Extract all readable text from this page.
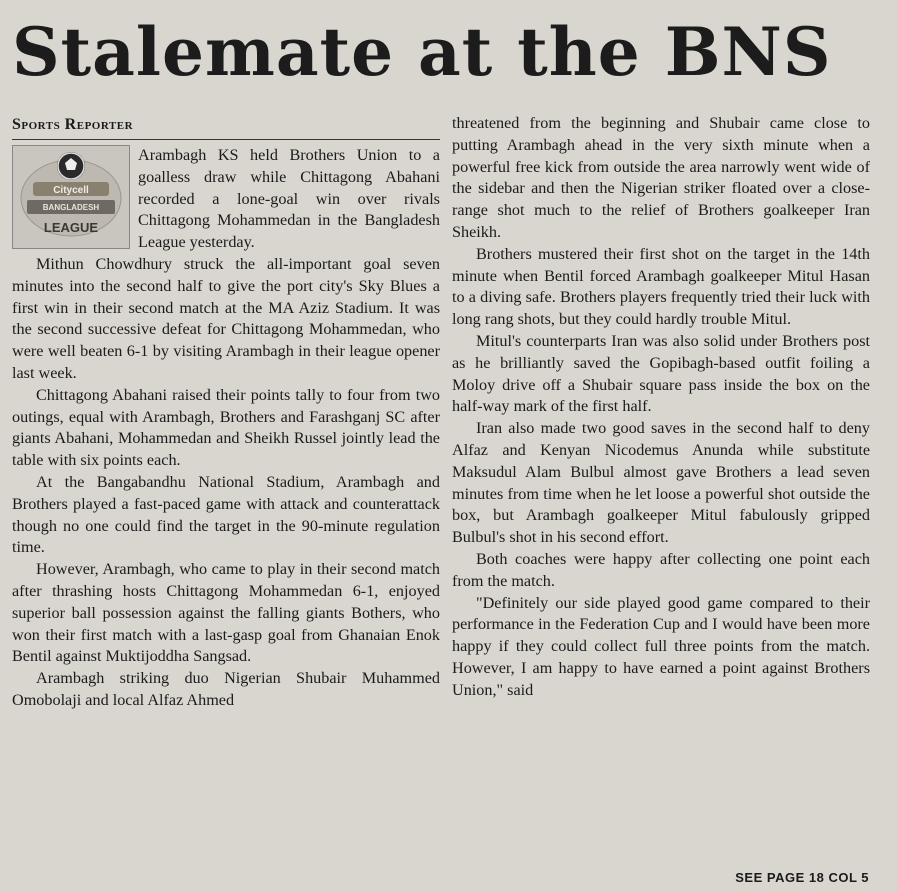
Stalemate at the BNS
Sports Reporter

Citycell
BANGLADESH
LEAGUE
Arambagh KS held Brothers Union to a goalless draw while Chittagong Abahani recorded a lone-goal win over rivals Chittagong Mohammedan in the Bangladesh League yesterday.

Mithun Chowdhury struck the all-important goal seven minutes into the second half to give the port city's Sky Blues a first win in their second match at the MA Aziz Stadium. It was the second successive defeat for Chittagong Mohammedan, who were well beaten 6-1 by visiting Arambagh in their league opener last week.

Chittagong Abahani raised their points tally to four from two outings, equal with Arambagh, Brothers and Farashganj SC after giants Abahani, Mohammedan and Sheikh Russel jointly lead the table with six points each.

At the Bangabandhu National Stadium, Arambagh and Brothers played a fast-paced game with attack and counterattack though no one could find the target in the 90-minute regulation time.

However, Arambagh, who came to play in their second match after thrashing hosts Chittagong Mohammedan 6-1, enjoyed superior ball possession against the falling giants Bothers, who won their first match with a last-gasp goal from Ghanaian Enok Bentil against Muktijoddha Sangsad.

Arambagh striking duo Nigerian Shubair Muhammed Omobolaji and local Alfaz Ahmed

threatened from the beginning and Shubair came close to putting Arambagh ahead in the very sixth minute when a powerful free kick from outside the area narrowly went wide of the sidebar and then the Nigerian striker floated over a close-range shot much to the relief of Brothers goalkeeper Iran Sheikh.

Brothers mustered their first shot on the target in the 14th minute when Bentil forced Arambagh goalkeeper Mitul Hasan to a diving safe. Brothers players frequently tried their luck with long rang shots, but they could hardly trouble Mitul.

Mitul's counterparts Iran was also solid under Brothers post as he brilliantly saved the Gopibagh-based outfit foiling a Moloy drive off a Shubair square pass inside the box on the half-way mark of the first half.

Iran also made two good saves in the second half to deny Alfaz and Kenyan Nicodemus Anunda while substitute Maksudul Alam Bulbul almost gave Brothers a lead seven minutes from time when he let loose a powerful shot outside the box, but Arambagh goalkeeper Mitul fabulously gripped Bulbul's shot in his second effort.

Both coaches were happy after collecting one point each from the match.

"Definitely our side played good game compared to their performance in the Federation Cup and I would have been more happy if they could collect full three points from the match. However, I am happy to have earned a point against Brothers Union," said

SEE PAGE 18 COL 5
